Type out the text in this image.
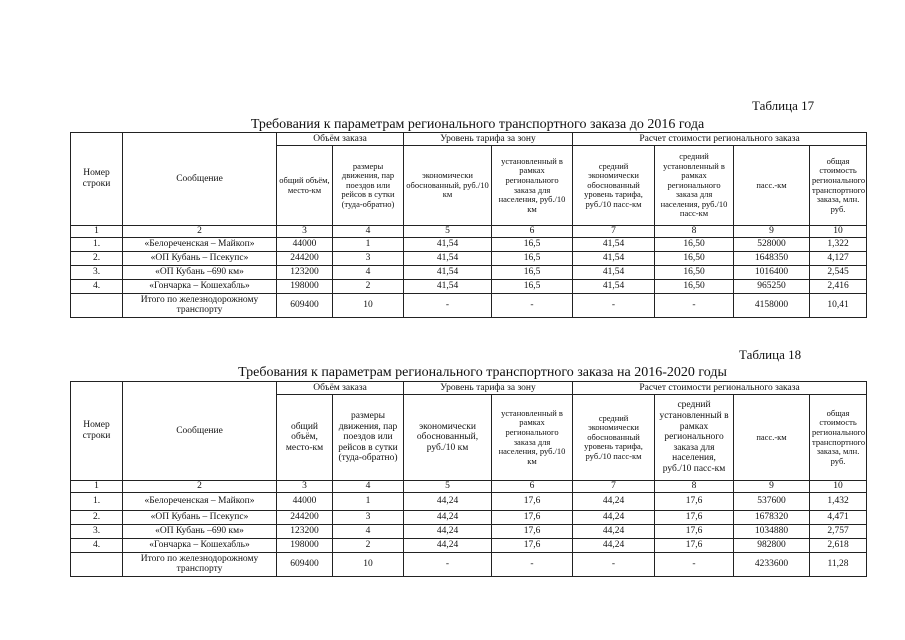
Таблица 17
Требования к параметрам регионального транспортного заказа до 2016 года
Номер строки	Сообщение	Объём заказа		Уровень тарифа за зону		Расчет стоимости регионального заказа			
		общий объём, место-км	размеры движения, пар поездов или рейсов в сутки (туда-обратно)	экономически обоснованный, руб./10 км	установленный в рамках регионального заказа для населения, руб./10 км	средний экономически обоснованный уровень тарифа, руб./10 пасс-км	средний установленный в рамках регионального заказа для населения, руб./10 пасс-км	пасс.-км	общая стоимость регионального транспортного заказа, млн. руб.
1	2	3	4	5	6	7	8	9	10
1.	«Белореченская – Майкоп»	44000	1	41,54	16,5	41,54	16,50	528000	1,322
2.	«ОП Кубань – Псекупс»	244200	3	41,54	16,5	41,54	16,50	1648350	4,127
3.	«ОП Кубань –690 км»	123200	4	41,54	16,5	41,54	16,50	1016400	2,545
4.	«Гончарка – Кошехабль»	198000	2	41,54	16,5	41,54	16,50	965250	2,416
	Итого по железнодорожному транспорту	609400	10	-	-	-	-	4158000	10,41
Таблица 18
Требования к параметрам регионального транспортного заказа на 2016-2020 годы
Номер строки	Сообщение	Объём заказа		Уровень тарифа за зону		Расчет стоимости регионального заказа			
		общий объём, место-км	размеры движения, пар поездов или рейсов в сутки (туда-обратно)	экономически обоснованный, руб./10 км	установленный в рамках регионального заказа для населения, руб./10 км	средний экономически обоснованный уровень тарифа, руб./10 пасс-км	средний установленный в рамках регионального заказа для населения, руб./10 пасс-км	пасс.-км	общая стоимость регионального транспортного заказа, млн. руб.
1	2	3	4	5	6	7	8	9	10
1.	«Белореченская – Майкоп»	44000	1	44,24	17,6	44,24	17,6	537600	1,432
2.	«ОП Кубань – Псекупс»	244200	3	44,24	17,6	44,24	17,6	1678320	4,471
3.	«ОП Кубань –690 км»	123200	4	44,24	17,6	44,24	17,6	1034880	2,757
4.	«Гончарка – Кошехабль»	198000	2	44,24	17,6	44,24	17,6	982800	2,618
	Итого по железнодорожному транспорту	609400	10	-	-	-	-	4233600	11,28
